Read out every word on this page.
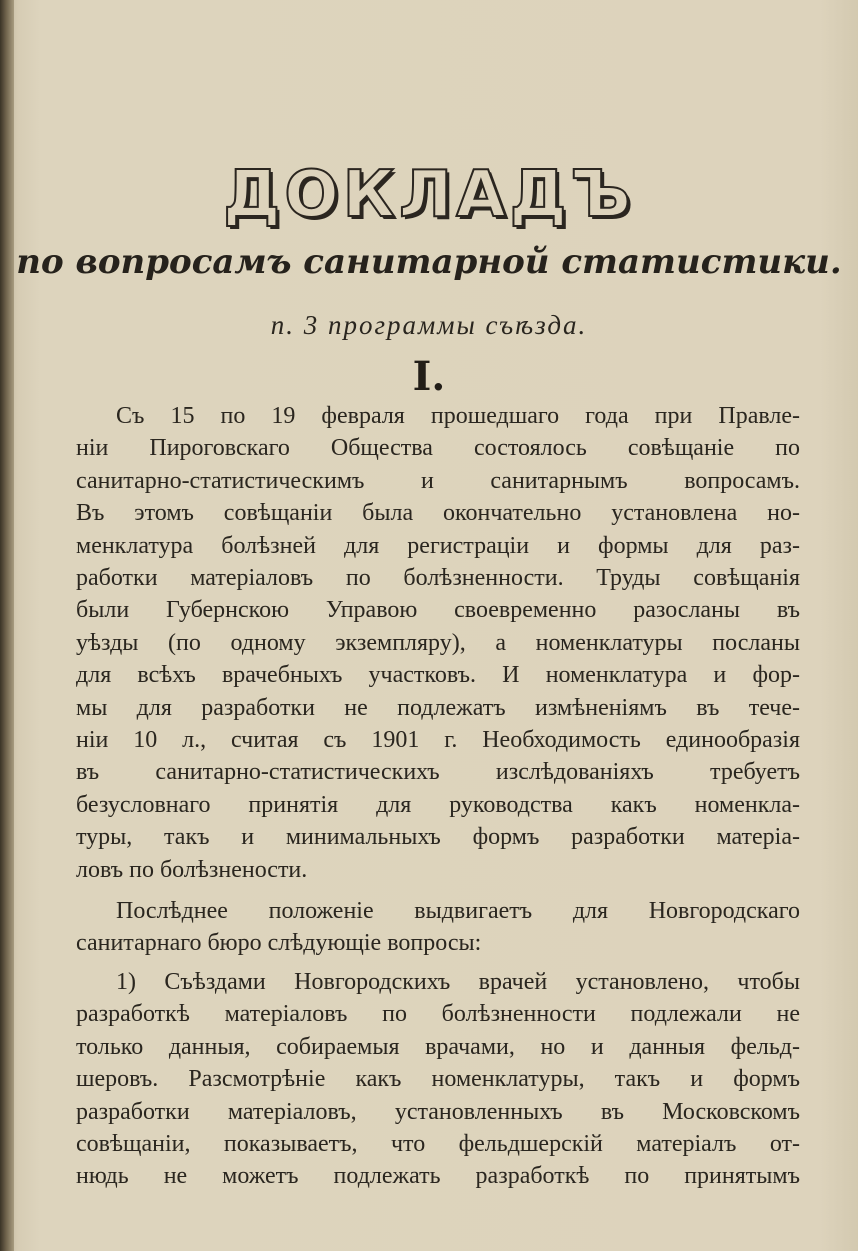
ДОКЛАДЪ
по вопросамъ санитарной статистики.
п. 3 программы съѣзда.
I.
Съ 15 по 19 февраля прошедшаго года при Правле-
ніи Пироговскаго Общества состоялось совѣщаніе по
санитарно-статистическимъ и санитарнымъ вопросамъ.
Въ этомъ совѣщаніи была окончательно установлена но-
менклатура болѣзней для регистраціи и формы для раз-
работки матеріаловъ по болѣзненности. Труды совѣщанія
были Губернскою Управою своевременно разосланы въ
уѣзды (по одному экземпляру), а номенклатуры посланы
для всѣхъ врачебныхъ участковъ. И номенклатура и фор-
мы для разработки не подлежатъ измѣненіямъ въ тече-
ніи 10 л., считая съ 1901 г. Необходимость единообразія
въ санитарно-статистическихъ изслѣдованіяхъ требуетъ
безусловнаго принятія для руководства какъ номенкла-
туры, такъ и минимальныхъ формъ разработки матеріа-
ловъ по болѣзнености.
Послѣднее положеніе выдвигаетъ для Новгородскаго
санитарнаго бюро слѣдующіе вопросы:
1) Съѣздами Новгородскихъ врачей установлено, чтобы
разработкѣ матеріаловъ по болѣзненности подлежали не
только данныя, собираемыя врачами, но и данныя фельд-
шеровъ. Разсмотрѣніе какъ номенклатуры, такъ и формъ
разработки матеріаловъ, установленныхъ въ Московскомъ
совѣщаніи, показываетъ, что фельдшерскій матеріалъ от-
нюдь не можетъ подлежать разработкѣ по принятымъ
